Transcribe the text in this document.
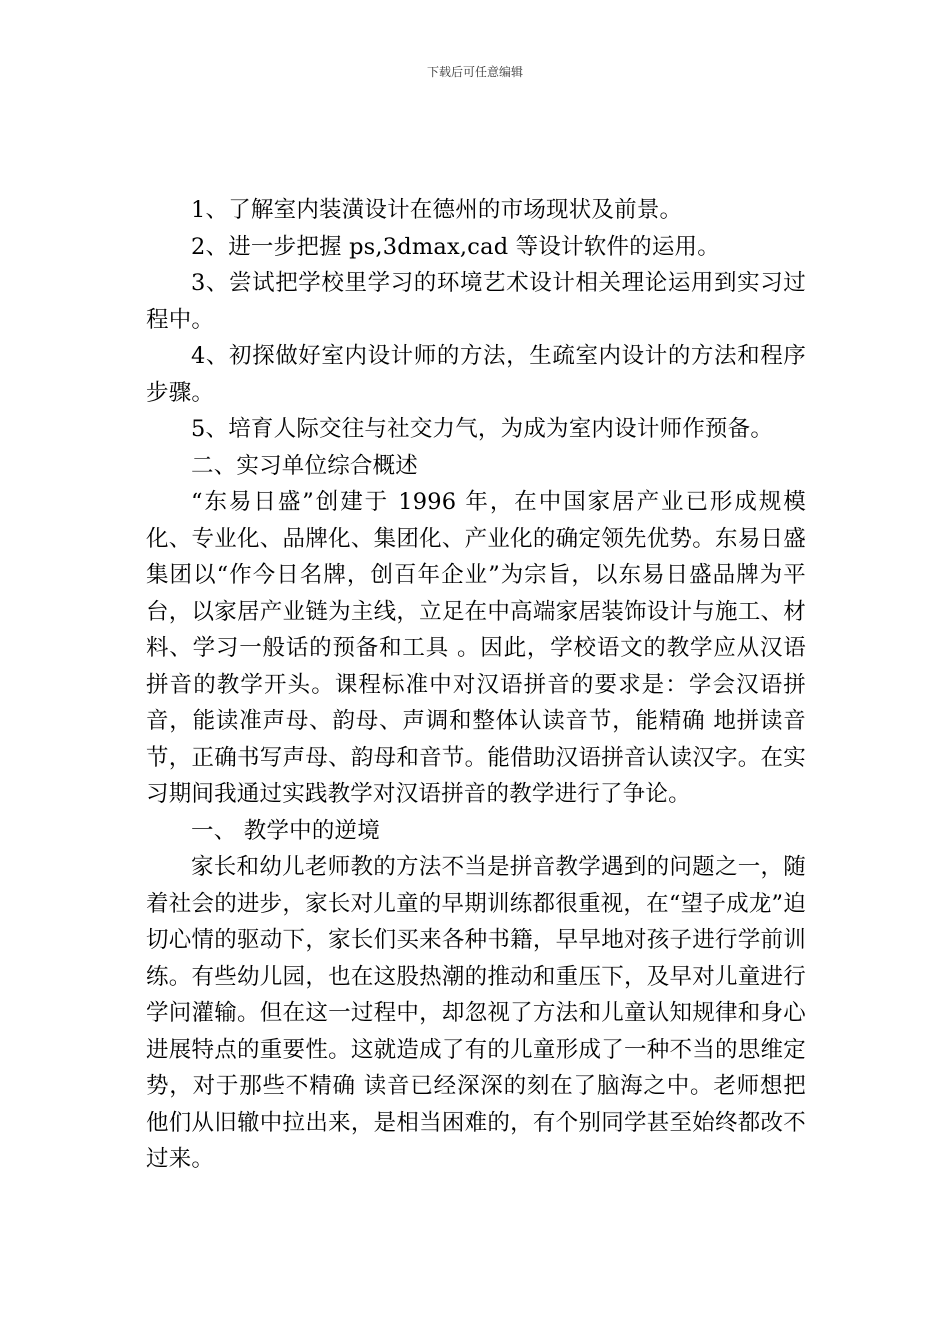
下载后可任意编辑

1、了解室内装潢设计在德州的市场现状及前景。

2、进一步把握 ps,3dmax,cad 等设计软件的运用。

3、尝试把学校里学习的环境艺术设计相关理论运用到实习过程中。

4、初探做好室内设计师的方法，生疏室内设计的方法和程序步骤。

5、培育人际交往与社交力气，为成为室内设计师作预备。

二、实习单位综合概述

“东易日盛”创建于 1996 年，在中国家居产业已形成规模化、专业化、品牌化、集团化、产业化的确定领先优势。东易日盛集团以“作今日名牌，创百年企业”为宗旨，以东易日盛品牌为平台，以家居产业链为主线，立足在中高端家居装饰设计与施工、材料、学习一般话的预备和工具 。因此，学校语文的教学应从汉语拼音的教学开头。课程标准中对汉语拼音的要求是：学会汉语拼音，能读准声母、韵母、声调和整体认读音节，能精确 地拼读音节，正确书写声母、韵母和音节。能借助汉语拼音认读汉字。在实习期间我通过实践教学对汉语拼音的教学进行了争论。

一、 教学中的逆境

家长和幼儿老师教的方法不当是拼音教学遇到的问题之一，随着社会的进步，家长对儿童的早期训练都很重视，在“望子成龙”迫切心情的驱动下，家长们买来各种书籍，早早地对孩子进行学前训练。有些幼儿园，也在这股热潮的推动和重压下，及早对儿童进行学问灌输。但在这一过程中，却忽视了方法和儿童认知规律和身心进展特点的重要性。这就造成了有的儿童形成了一种不当的思维定势，对于那些不精确 读音已经深深的刻在了脑海之中。老师想把他们从旧辙中拉出来，是相当困难的，有个别同学甚至始终都改不过来。
